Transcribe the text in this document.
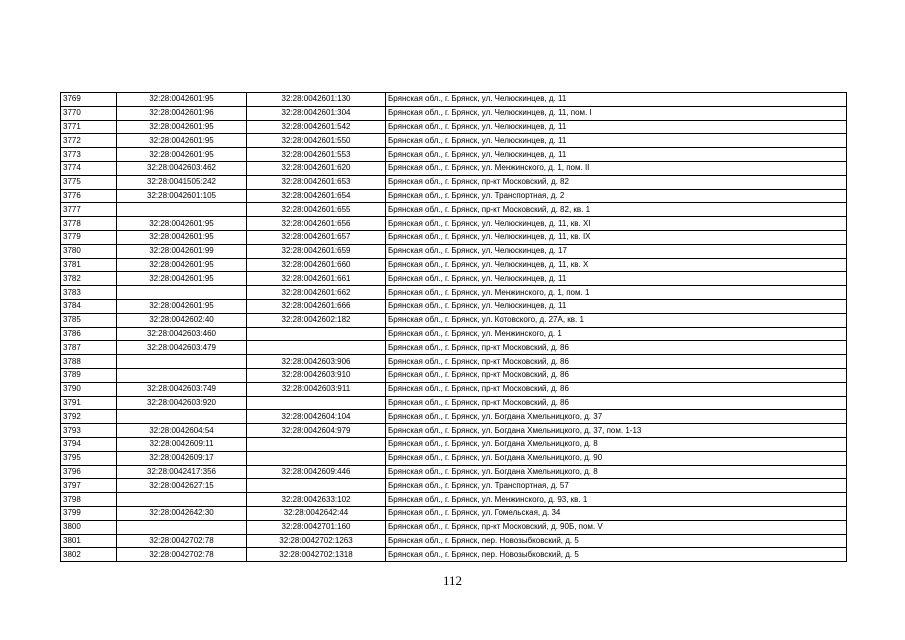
3769	32:28:0042601:95	32:28:0042601:130	Брянская обл., г. Брянск, ул. Челюскинцев, д. 11
3770	32:28:0042601:96	32:28:0042601:304	Брянская обл., г. Брянск, ул. Челюскинцев, д. 11, пом. I
3771	32:28:0042601:95	32:28:0042601:542	Брянская обл., г. Брянск, ул. Челюскинцев, д. 11
3772	32:28:0042601:95	32:28:0042601:550	Брянская обл., г. Брянск, ул. Челюскинцев, д. 11
3773	32:28:0042601:95	32:28:0042601:553	Брянская обл., г. Брянск, ул. Челюскинцев, д. 11
3774	32:28:0042603:462	32:28:0042601:620	Брянская обл., г. Брянск, ул. Менжинского, д. 1, пом. II
3775	32:28:0041505:242	32:28:0042601:653	Брянская обл., г. Брянск, пр-кт Московский, д. 82
3776	32:28:0042601:105	32:28:0042601:654	Брянская обл., г. Брянск, ул. Транспортная, д. 2
3777		32:28:0042601:655	Брянская обл., г. Брянск, пр-кт Московский, д. 82, кв. 1
3778	32:28:0042601:95	32:28:0042601:656	Брянская обл., г. Брянск, ул. Челюскинцев, д. 11, кв. XI
3779	32:28:0042601:95	32:28:0042601:657	Брянская обл., г. Брянск, ул. Челюскинцев, д. 11, кв. IX
3780	32:28:0042601:99	32:28:0042601:659	Брянская обл., г. Брянск, ул. Челюскинцев, д. 17
3781	32:28:0042601:95	32:28:0042601:660	Брянская обл., г. Брянск, ул. Челюскинцев, д. 11, кв. X
3782	32:28:0042601:95	32:28:0042601:661	Брянская обл., г. Брянск, ул. Челюскинцев, д. 11
3783		32:28:0042601:662	Брянская обл., г. Брянск, ул. Менжинского, д. 1, пом. 1
3784	32:28:0042601:95	32:28:0042601:666	Брянская обл., г. Брянск, ул. Челюскинцев, д. 11
3785	32:28:0042602:40	32:28:0042602:182	Брянская обл., г. Брянск, ул. Котовского, д. 27А, кв. 1
3786	32:28:0042603:460		Брянская обл., г. Брянск, ул. Менжинского, д. 1
3787	32:28:0042603:479		Брянская обл., г. Брянск, пр-кт Московский, д. 86
3788		32:28:0042603:906	Брянская обл., г. Брянск, пр-кт Московский, д. 86
3789		32:28:0042603:910	Брянская обл., г. Брянск, пр-кт Московский, д. 86
3790	32:28:0042603:749	32:28:0042603:911	Брянская обл., г. Брянск, пр-кт Московский, д. 86
3791	32:28:0042603:920		Брянская обл., г. Брянск, пр-кт Московский, д. 86
3792		32:28:0042604:104	Брянская обл., г. Брянск, ул. Богдана Хмельницкого, д. 37
3793	32:28:0042604:54	32:28:0042604:979	Брянская обл., г. Брянск, ул. Богдана Хмельницкого, д. 37, пом. 1-13
3794	32:28:0042609:11		Брянская обл., г. Брянск, ул. Богдана Хмельницкого, д. 8
3795	32:28:0042609:17		Брянская обл., г. Брянск, ул. Богдана Хмельницкого, д. 90
3796	32:28:0042417:356	32:28:0042609:446	Брянская обл., г. Брянск, ул. Богдана Хмельницкого, д. 8
3797	32:28:0042627:15		Брянская обл., г. Брянск, ул. Транспортная, д. 57
3798		32:28:0042633:102	Брянская обл., г. Брянск, ул. Менжинского, д. 93, кв. 1
3799	32:28:0042642:30	32:28:0042642:44	Брянская обл., г. Брянск, ул. Гомельская, д. 34
3800		32:28:0042701:160	Брянская обл., г. Брянск, пр-кт Московский, д. 90Б, пом. V
3801	32:28:0042702:78	32:28:0042702:1263	Брянская обл., г. Брянск, пер. Новозыбковский, д. 5
3802	32:28:0042702:78	32:28:0042702:1318	Брянская обл., г. Брянск, пер. Новозыбковский, д. 5
112
